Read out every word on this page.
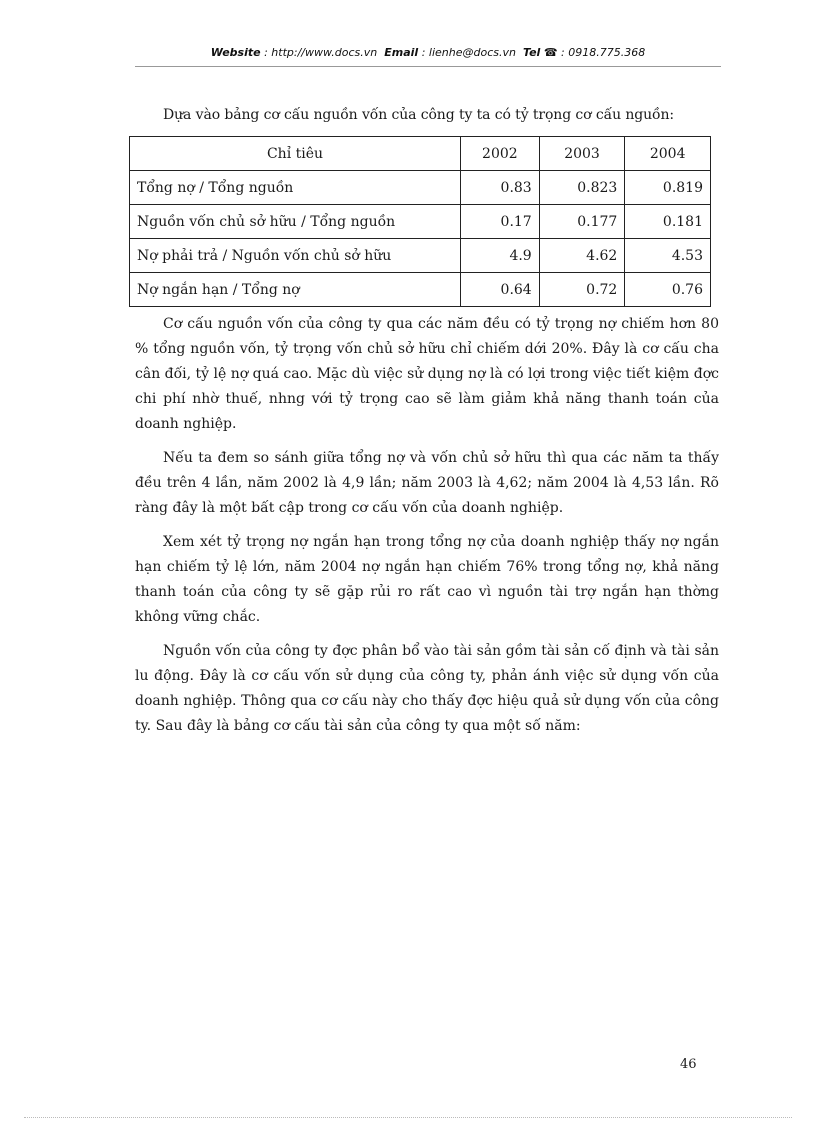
Website : http://www.docs.vn Email : lienhe@docs.vn Tel ☎ : 0918.775.368
Dựa vào bảng cơ cấu nguồn vốn của công ty ta có tỷ trọng cơ cấu nguồn:
Chỉ tiêu	2002	2003	2004
Tổng nợ / Tổng nguồn	0.83	0.823	0.819
Nguồn vốn chủ sở hữu / Tổng nguồn	0.17	0.177	0.181
Nợ phải trả / Nguồn vốn chủ sở hữu	4.9	4.62	4.53
Nợ ngắn hạn / Tổng nợ	0.64	0.72	0.76

Cơ cấu nguồn vốn của công ty qua các năm đều có tỷ trọng nợ chiếm hơn 80 % tổng nguồn vốn, tỷ trọng vốn chủ sở hữu chỉ chiếm dới 20%. Đây là cơ cấu cha cân đối, tỷ lệ nợ quá cao. Mặc dù việc sử dụng nợ là có lợi trong việc tiết kiệm đợc chi phí nhờ thuế, nhng với tỷ trọng cao sẽ làm giảm khả năng thanh toán của doanh nghiệp.

Nếu ta đem so sánh giữa tổng nợ và vốn chủ sở hữu thì qua các năm ta thấy đều trên 4 lần, năm 2002 là 4,9 lần; năm 2003 là 4,62; năm 2004 là 4,53 lần. Rõ ràng đây là một bất cập trong cơ cấu vốn của doanh nghiệp.

Xem xét tỷ trọng nợ ngắn hạn trong tổng nợ của doanh nghiệp thấy nợ ngắn hạn chiếm tỷ lệ lớn, năm 2004 nợ ngắn hạn chiếm 76% trong tổng nợ, khả năng thanh toán của công ty sẽ gặp rủi ro rất cao vì nguồn tài trợ ngắn hạn thờng không vững chắc.

Nguồn vốn của công ty đợc phân bổ vào tài sản gồm tài sản cố định và tài sản lu động. Đây là cơ cấu vốn sử dụng của công ty, phản ánh việc sử dụng vốn của doanh nghiệp. Thông qua cơ cấu này cho thấy đợc hiệu quả sử dụng vốn của công ty. Sau đây là bảng cơ cấu tài sản của công ty qua một số năm:

46
